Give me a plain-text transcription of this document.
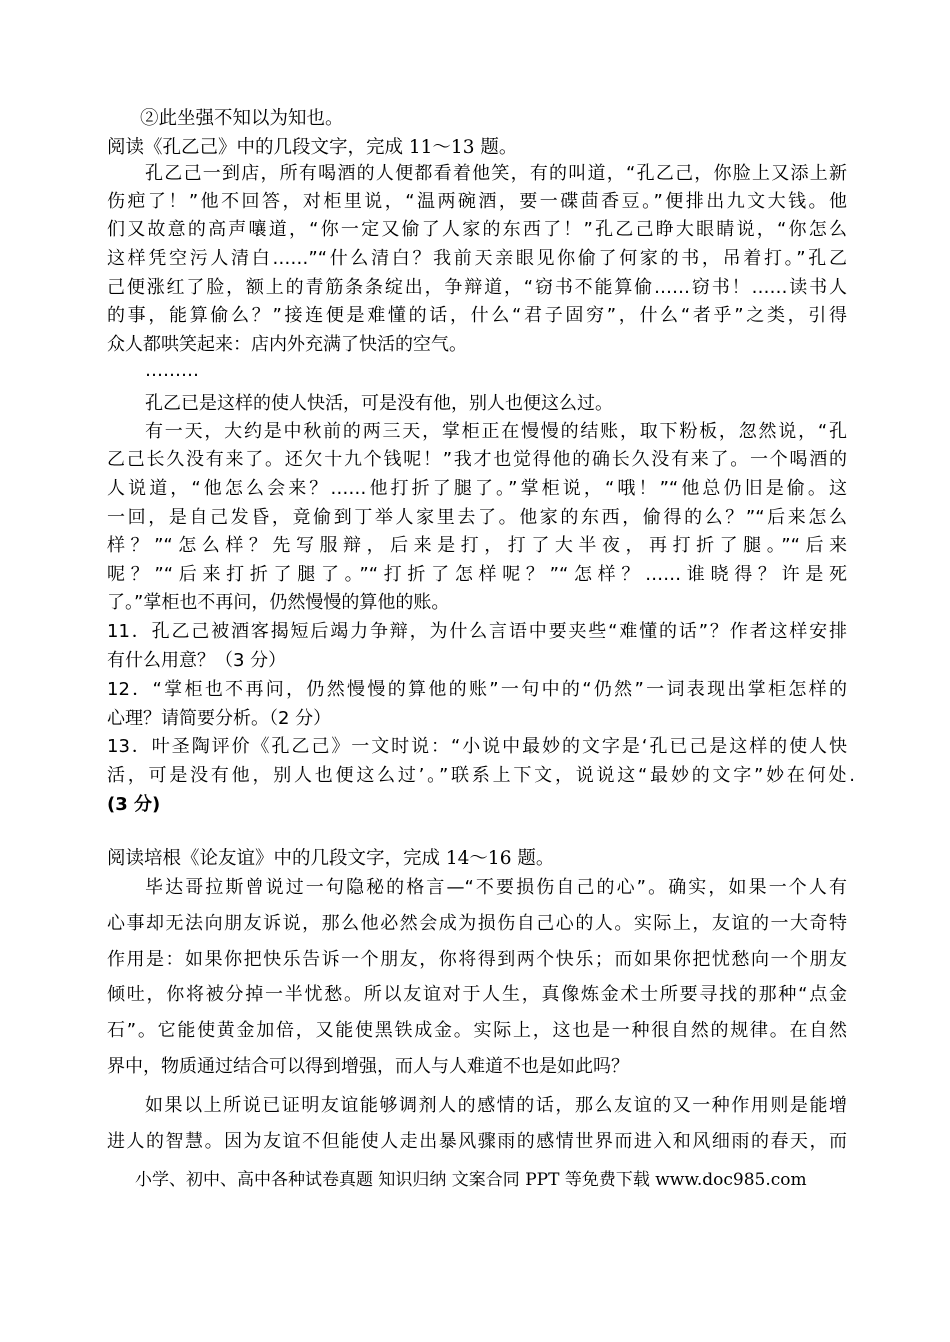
②此坐强不知以为知也。
阅读《孔乙己》中的几段文字，完成 11～13 题。
孔乙己一到店，所有喝酒的人便都看着他笑，有的叫道，“孔乙己，你脸上又添上新
伤疤了！”他不回答，对柜里说，“温两碗酒，要一碟茴香豆。”便排出九文大钱。他
们又故意的高声嚷道，“你一定又偷了人家的东西了！”孔乙己睁大眼睛说，“你怎么
这样凭空污人清白……”“什么清白？我前天亲眼见你偷了何家的书，吊着打。”孔乙
己便涨红了脸，额上的青筋条条绽出，争辩道，“窃书不能算偷……窃书！……读书人
的事，能算偷么？”接连便是难懂的话，什么“君子固穷”，什么“者乎”之类，引得
众人都哄笑起来：店内外充满了快活的空气。
………
孔乙已是这样的使人快活，可是没有他，别人也便这么过。
有一天，大约是中秋前的两三天，掌柜正在慢慢的结账，取下粉板，忽然说，“孔
乙己长久没有来了。还欠十九个钱呢！”我才也觉得他的确长久没有来了。一个喝酒的
人说道，“他怎么会来？……他打折了腿了。”掌柜说，“哦！”“他总仍旧是偷。这
一回，是自己发昏，竟偷到丁举人家里去了。他家的东西，偷得的么？”“后来怎么
样？”“怎么样？先写服辩，后来是打，打了大半夜，再打折了腿。”“后来
呢？”“后来打折了腿了。”“打折了怎样呢？”“怎样？……谁晓得？许是死
了。”掌柜也不再问，仍然慢慢的算他的账。
11．孔乙己被酒客揭短后竭力争辩，为什么言语中要夹些“难懂的话”？作者这样安排
有什么用意？（3 分）
12．“掌柜也不再问，仍然慢慢的算他的账”一句中的“仍然”一词表现出掌柜怎样的
心理？请简要分析。（2 分）
13．叶圣陶评价《孔乙己》一文时说：“小说中最妙的文字是‘孔已己是这样的使人快
活，可是没有他，别人也便这么过’。”联系上下文，说说这“最妙的文字”妙在何处.
(3 分)
阅读培根《论友谊》中的几段文字，完成 14～16 题。
毕达哥拉斯曾说过一句隐秘的格言—“不要损伤自己的心”。确实，如果一个人有
心事却无法向朋友诉说，那么他必然会成为损伤自己心的人。实际上，友谊的一大奇特
作用是：如果你把快乐告诉一个朋友，你将得到两个快乐；而如果你把忧愁向一个朋友
倾吐，你将被分掉一半忧愁。所以友谊对于人生，真像炼金术士所要寻找的那种“点金
石”。它能使黄金加倍，又能使黑铁成金。实际上，这也是一种很自然的规律。在自然
界中，物质通过结合可以得到增强，而人与人难道不也是如此吗？
如果以上所说已证明友谊能够调剂人的感情的话，那么友谊的又一种作用则是能增
进人的智慧。因为友谊不但能使人走出暴风骤雨的感情世界而进入和风细雨的春天，而
小学、初中、高中各种试卷真题 知识归纳 文案合同 PPT 等免费下载 www.doc985.com
